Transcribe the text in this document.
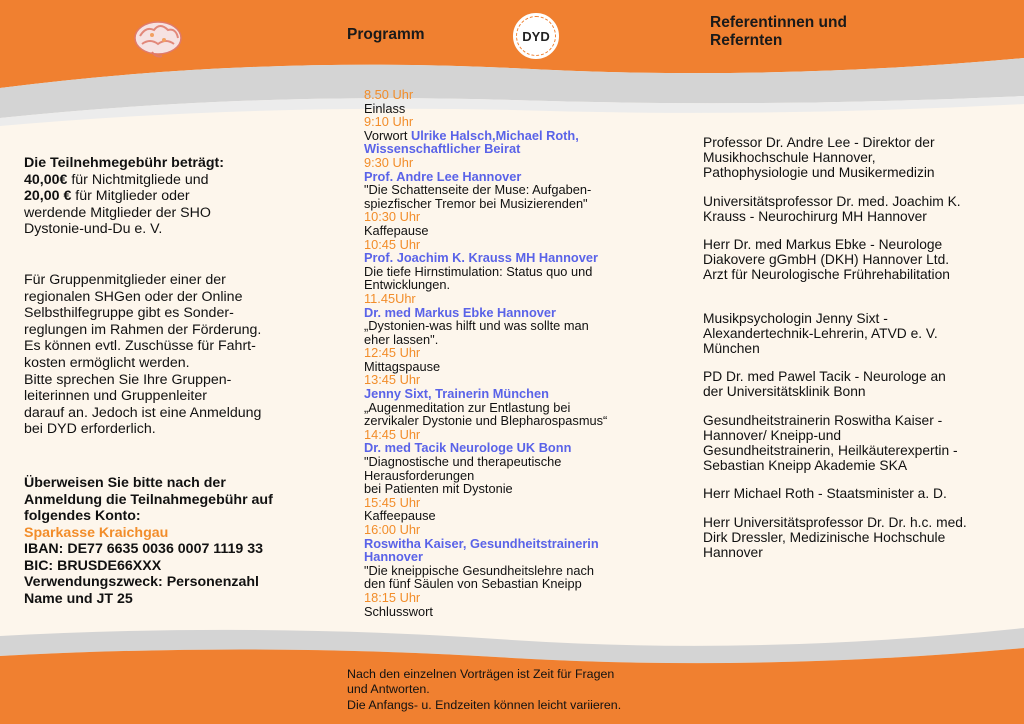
Programm	DYD
Referentinnen und
Refernten

Die Teilnehmegebühr beträgt:

40,00€ für Nichtmitgliede und

20,00 € für Mitglieder oder

werdende Mitglieder der SHO

Dystonie-und-Du e. V.

Für Gruppenmitglieder einer der

regionalen SHGen oder der Online

Selbsthilfegruppe gibt es Sonder-

reglungen im Rahmen der Förderung.

Es können evtl. Zuschüsse für Fahrt-

kosten ermöglicht werden.

Bitte sprechen Sie Ihre Gruppen-

leiterinnen und Gruppenleiter

darauf an. Jedoch ist eine Anmeldung

bei DYD erforderlich.

Überweisen Sie bitte nach der

Anmeldung die Teilnahmegebühr auf

folgendes Konto:

Sparkasse Kraichgau

IBAN: DE77 6635 0036 0007 1119 33

BIC: BRUSDE66XXX

Verwendungszweck: Personenzahl

Name und JT 25

8.50 Uhr
Einlass
9:10 Uhr
Vorwort Ulrike Halsch,Michael Roth,
Wissenschaftlicher Beirat
9:30 Uhr
Prof. Andre Lee Hannover
"Die Schattenseite der Muse: Aufgaben-
spiezfischer Tremor bei Musizierenden"
10:30 Uhr
Kaffepause
10:45 Uhr
Prof. Joachim K. Krauss MH Hannover
Die tiefe Hirnstimulation: Status quo und
Entwicklungen.
11.45Uhr
Dr. med Markus Ebke Hannover
„Dystonien-was hilft und was sollte man
eher lassen".
12:45 Uhr
Mittagspause
13:45 Uhr
Jenny Sixt, Trainerin München
„Augenmeditation zur Entlastung bei
zervikaler Dystonie und Blepharospasmus“
14:45 Uhr
Dr. med Tacik Neurologe UK Bonn
"Diagnostische und therapeutische
Herausforderungen
bei Patienten mit Dystonie
15:45 Uhr
Kaffeepause
16:00 Uhr
Roswitha Kaiser, Gesundheitstrainerin
Hannover
"Die kneippische Gesundheitslehre nach
den fünf Säulen von Sebastian Kneipp
18:15 Uhr
Schlusswort
Professor Dr. Andre Lee - Direktor der
Musikhochschule Hannover,
Pathophysiologie und Musikermedizin
Universitätsprofessor Dr. med. Joachim K.
Krauss - Neurochirurg MH Hannover
Herr Dr. med Markus Ebke - Neurologe
Diakovere gGmbH (DKH) Hannover Ltd.
Arzt für Neurologische Frührehabilitation
Musikpsychologin Jenny Sixt -
Alexandertechnik-Lehrerin, ATVD e. V.
München
PD Dr. med Pawel Tacik - Neurologe an
der Universitätsklinik Bonn
Gesundheitstrainerin Roswitha Kaiser -
Hannover/ Kneipp-und
Gesundheitstrainerin, Heilkäuterexpertin -
Sebastian Kneipp Akademie SKA
Herr Michael Roth - Staatsminister a. D.
Herr Universitätsprofessor Dr. Dr. h.c. med.
Dirk Dressler, Medizinische Hochschule
Hannover
Nach den einzelnen Vorträgen ist Zeit für Fragen
und Antworten.
Die Anfangs- u. Endzeiten können leicht variieren.
